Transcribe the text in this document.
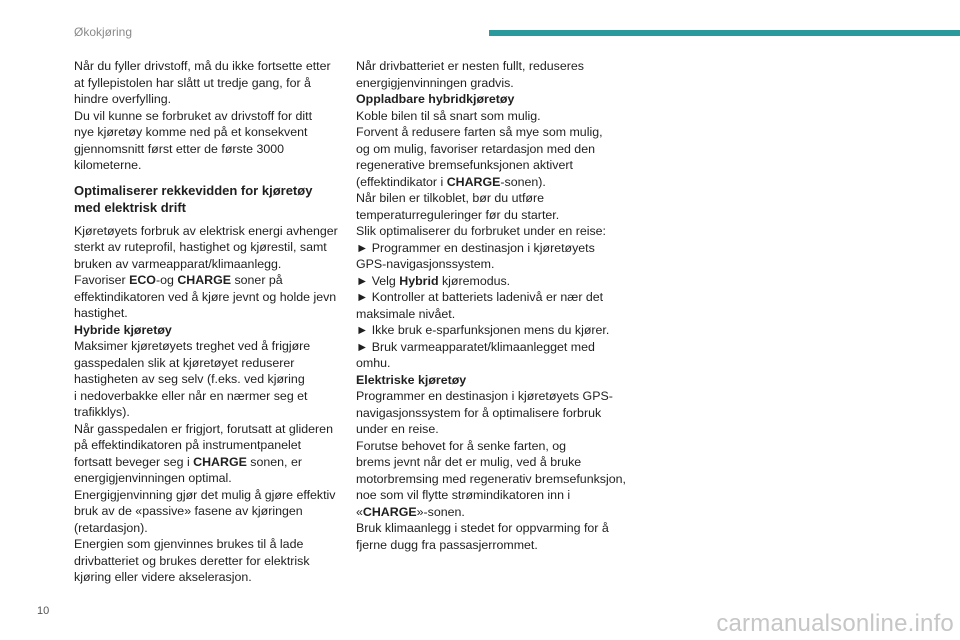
Økokjøring
Når du fyller drivstoff, må du ikke fortsette etter
at fyllepistolen har slått ut tredje gang, for å
hindre overfylling.
Du vil kunne se forbruket av drivstoff for ditt
nye kjøretøy komme ned på et konsekvent
gjennomsnitt først etter de første 3000
kilometerne.
Optimaliserer rekkevidden for kjøretøy
med elektrisk drift
Kjøretøyets forbruk av elektrisk energi avhenger
sterkt av ruteprofil, hastighet og kjørestil, samt
bruken av varmeapparat/klimaanlegg.
Favoriser ECO-og CHARGE soner på
effektindikatoren ved å kjøre jevnt og holde jevn
hastighet.
Hybride kjøretøy
Maksimer kjøretøyets treghet ved å frigjøre
gasspedalen slik at kjøretøyet reduserer
hastigheten av seg selv (f.eks. ved kjøring
i nedoverbakke eller når en nærmer seg et
trafikklys).
Når gasspedalen er frigjort, forutsatt at glideren
på effektindikatoren på instrumentpanelet
fortsatt beveger seg i CHARGE sonen, er
energigjenvinningen optimal.
Energigjenvinning gjør det mulig å gjøre effektiv
bruk av de «passive» fasene av kjøringen
(retardasjon).
Energien som gjenvinnes brukes til å lade
drivbatteriet og brukes deretter for elektrisk
kjøring eller videre akselerasjon.
Når drivbatteriet er nesten fullt, reduseres
energigjenvinningen gradvis.
Oppladbare hybridkjøretøy
Koble bilen til så snart som mulig.
Forvent å redusere farten så mye som mulig,
og om mulig, favoriser retardasjon med den
regenerative bremsefunksjonen aktivert
(effektindikator i CHARGE-sonen).
Når bilen er tilkoblet, bør du utføre
temperaturreguleringer før du starter.
Slik optimaliserer du forbruket under en reise:
► Programmer en destinasjon i kjøretøyets
GPS-navigasjonssystem.
► Velg Hybrid kjøremodus.
► Kontroller at batteriets ladenivå er nær det
maksimale nivået.
► Ikke bruk e-sparfunksjonen mens du kjører.
► Bruk varmeapparatet/klimaanlegget med
omhu.
Elektriske kjøretøy
Programmer en destinasjon i kjøretøyets GPS-
navigasjonssystem for å optimalisere forbruk
under en reise.
Forutse behovet for å senke farten, og
brems jevnt når det er mulig, ved å bruke
motorbremsing med regenerativ bremsefunksjon,
noe som vil flytte strømindikatoren inn i
«CHARGE»-sonen.
Bruk klimaanlegg i stedet for oppvarming for å
fjerne dugg fra passasjerrommet.
10	carmanualsonline.info
